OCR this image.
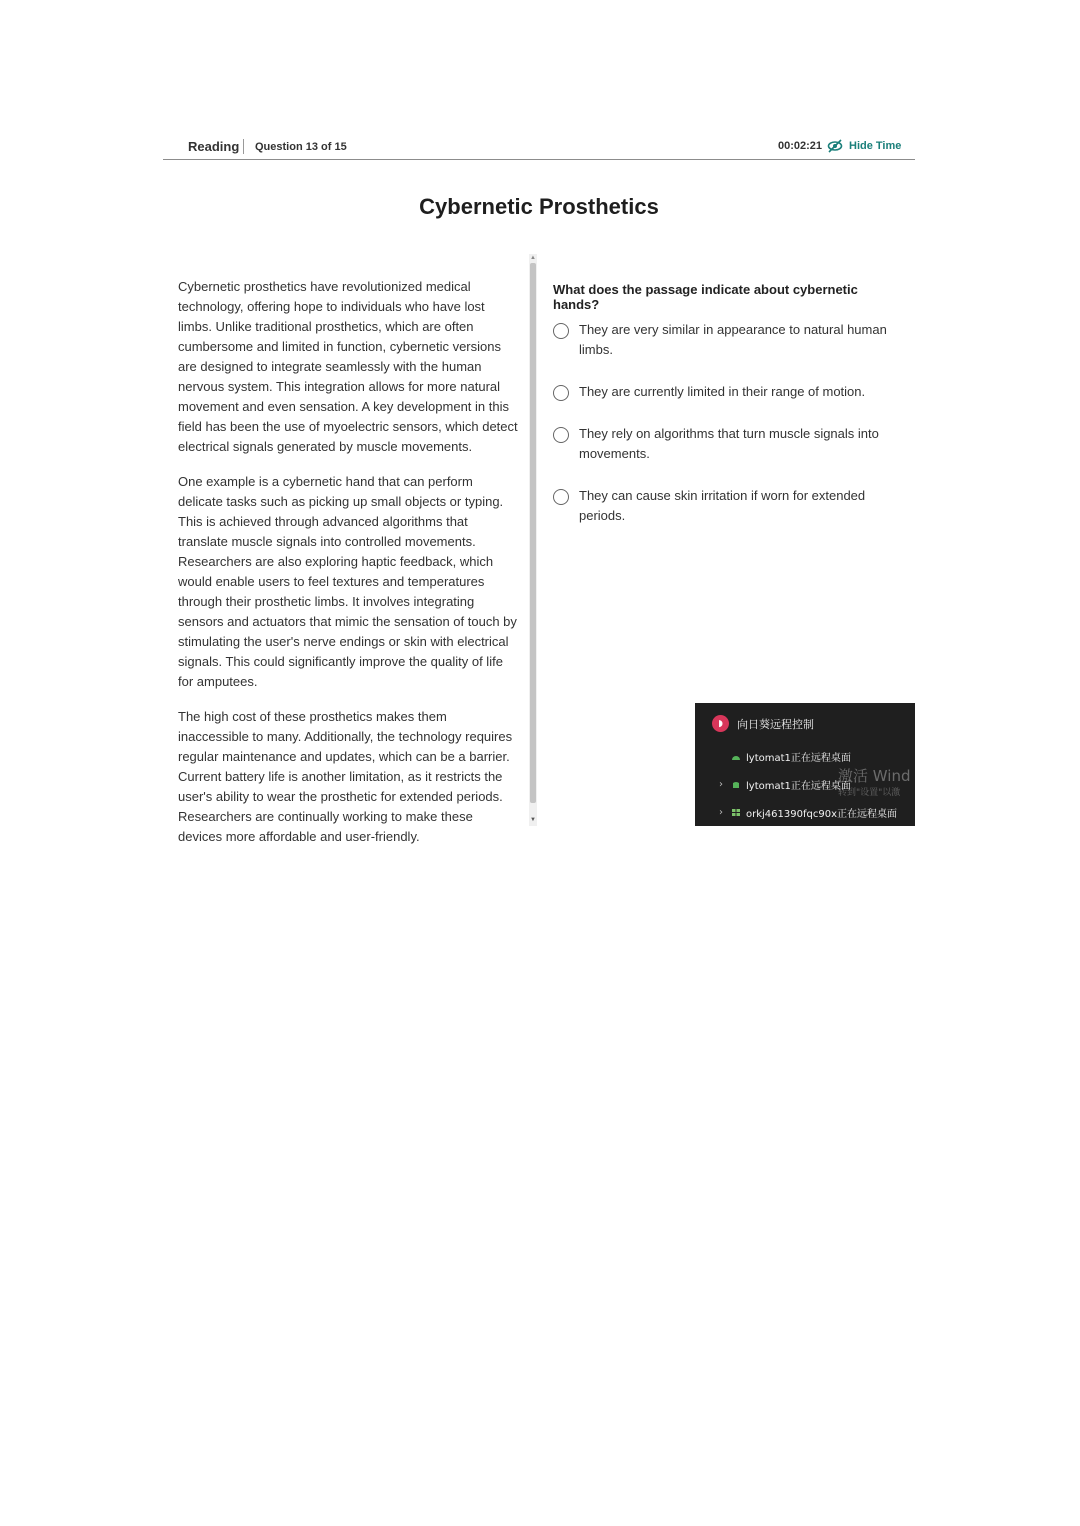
Reading Question 13 of 15	00:02:21 Hide Time
Cybernetic Prosthetics

Cybernetic prosthetics have revolutionized medical technology, offering hope to individuals who have lost limbs. Unlike traditional prosthetics, which are often cumbersome and limited in function, cybernetic versions are designed to integrate seamlessly with the human nervous system. This integration allows for more natural movement and even sensation. A key development in this field has been the use of myoelectric sensors, which detect electrical signals generated by muscle movements.

One example is a cybernetic hand that can perform delicate tasks such as picking up small objects or typing. This is achieved through advanced algorithms that translate muscle signals into controlled movements. Researchers are also exploring haptic feedback, which would enable users to feel textures and temperatures through their prosthetic limbs. It involves integrating sensors and actuators that mimic the sensation of touch by stimulating the user's nerve endings or skin with electrical signals. This could significantly improve the quality of life for amputees.

The high cost of these prosthetics makes them inaccessible to many. Additionally, the technology requires regular maintenance and updates, which can be a barrier. Current battery life is another limitation, as it restricts the user's ability to wear the prosthetic for extended periods. Researchers are continually working to make these devices more affordable and user-friendly.

▲
▼
What does the passage indicate about cybernetic hands?
They are very similar in appearance to natural human limbs.
They are currently limited in their range of motion.
They rely on algorithms that turn muscle signals into movements.
They can cause skin irritation if worn for extended periods.
◗	向日葵远程控制
lytomat1正在远程桌面
›	lytomat1正在远程桌面
›	orkj461390fqc90x正在远程桌面
激活 Wind
转到"设置"以激
